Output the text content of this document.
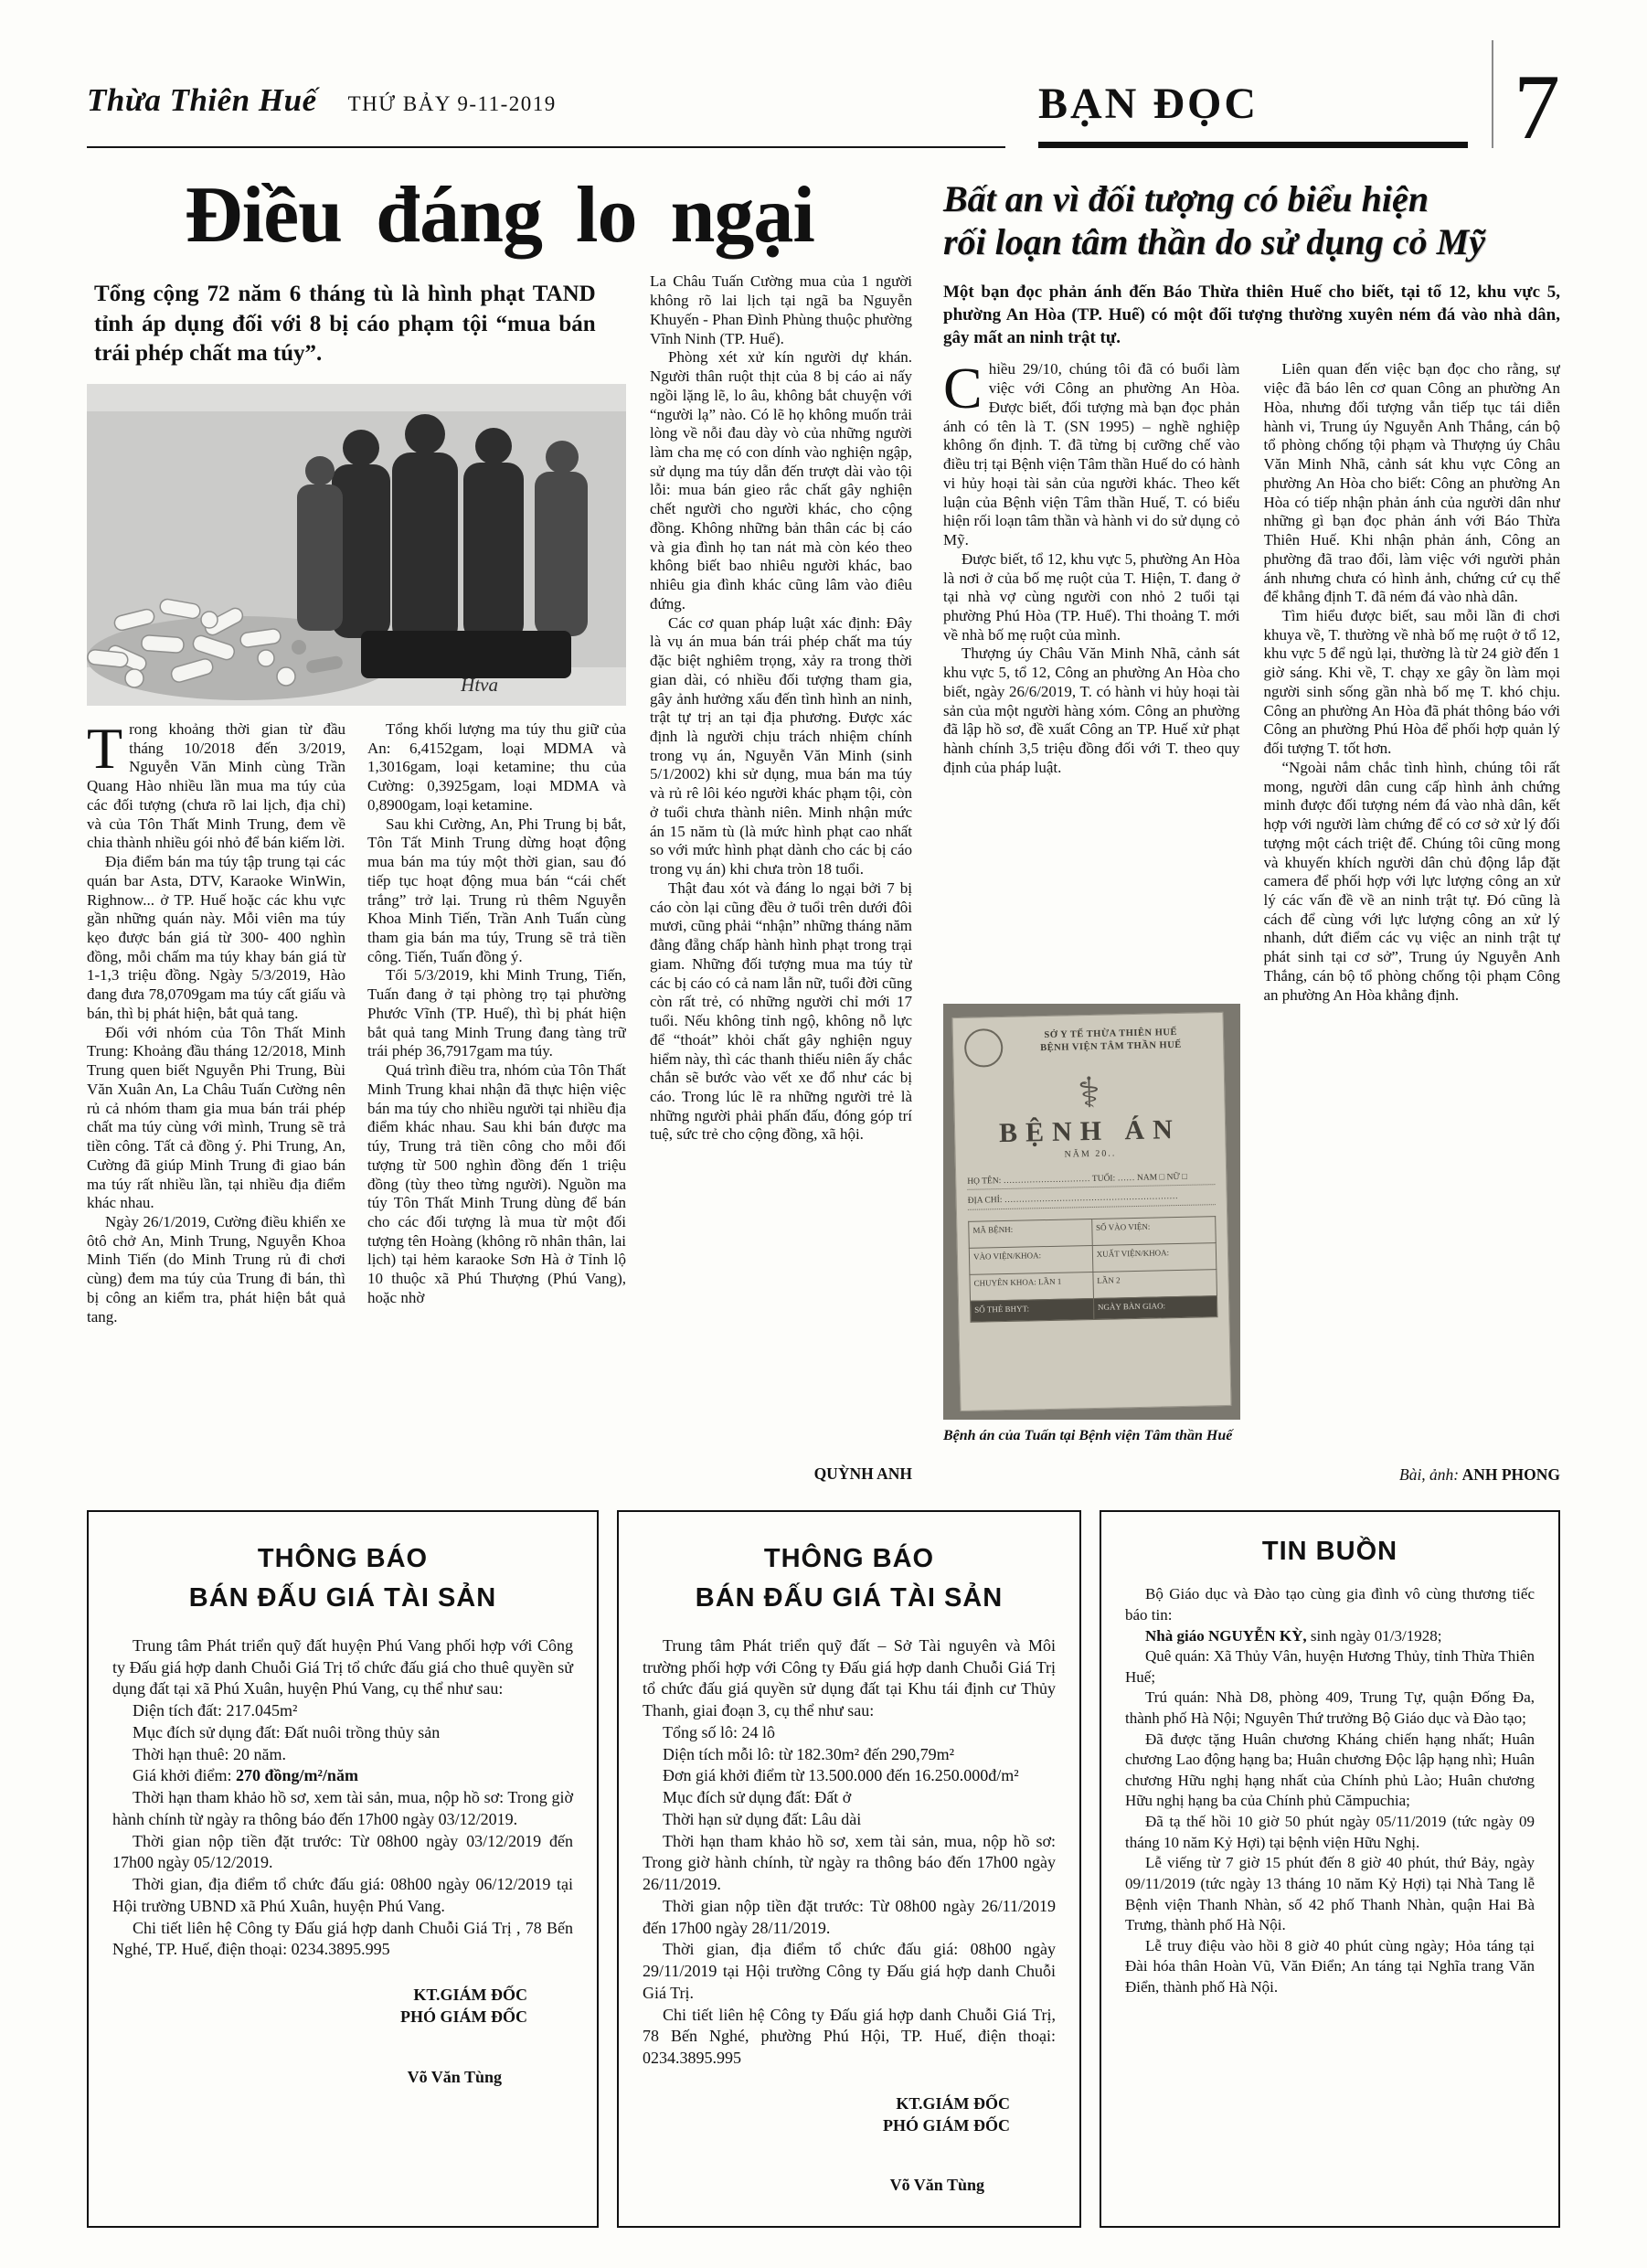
Thừa Thiên Huế THỨ BẢY 9-11-2019	BẠN ĐỌC	7
Điều đáng lo ngại

Tổng cộng 72 năm 6 tháng tù là hình phạt TAND tỉnh áp dụng đối với 8 bị cáo phạm tội “mua bán trái phép chất ma túy”.

Htva

Trong khoảng thời gian từ đầu tháng 10/2018 đến 3/2019, Nguyễn Văn Minh cùng Trần Quang Hào nhiều lần mua ma túy của các đối tượng (chưa rõ lai lịch, địa chỉ) và của Tôn Thất Minh Trung, đem về chia thành nhiều gói nhỏ để bán kiếm lời.

Địa điểm bán ma túy tập trung tại các quán bar Asta, DTV, Karaoke WinWin, Righnow... ở TP. Huế hoặc các khu vực gần những quán này. Mỗi viên ma túy kẹo được bán giá từ 300- 400 nghìn đồng, mỗi chấm ma túy khay bán giá từ 1-1,3 triệu đồng. Ngày 5/3/2019, Hào đang đưa 78,0709gam ma túy cất giấu và bán, thì bị phát hiện, bắt quả tang.

Đối với nhóm của Tôn Thất Minh Trung: Khoảng đầu tháng 12/2018, Minh Trung quen biết Nguyễn Phi Trung, Bùi Văn Xuân An, La Châu Tuấn Cường nên rủ cả nhóm tham gia mua bán trái phép chất ma túy cùng với mình, Trung sẽ trả tiền công. Tất cả đồng ý. Phi Trung, An, Cường đã giúp Minh Trung đi giao bán ma túy rất nhiều lần, tại nhiều địa điểm khác nhau.

Ngày 26/1/2019, Cường điều khiển xe ôtô chở An, Minh Trung, Nguyễn Khoa Minh Tiến (do Minh Trung rủ đi chơi cùng) đem ma túy của Trung đi bán, thì bị công an kiểm tra, phát hiện bắt quả tang.

Tổng khối lượng ma túy thu giữ của An: 6,4152gam, loại MDMA và 1,3016gam, loại ketamine; thu của Cường: 0,3925gam, loại MDMA và 0,8900gam, loại ketamine.

Sau khi Cường, An, Phi Trung bị bắt, Tôn Tất Minh Trung dừng hoạt động mua bán ma túy một thời gian, sau đó tiếp tục hoạt động mua bán “cái chết trắng” trở lại. Trung rủ thêm Nguyễn Khoa Minh Tiến, Trần Anh Tuấn cùng tham gia bán ma túy, Trung sẽ trả tiền công. Tiến, Tuấn đồng ý.

Tối 5/3/2019, khi Minh Trung, Tiến, Tuấn đang ở tại phòng trọ tại phường Phước Vĩnh (TP. Huế), thì bị phát hiện bắt quả tang Minh Trung đang tàng trữ trái phép 36,7917gam ma túy.

Quá trình điều tra, nhóm của Tôn Thất Minh Trung khai nhận đã thực hiện việc bán ma túy cho nhiều người tại nhiều địa điểm khác nhau. Sau khi bán được ma túy, Trung trả tiền công cho mỗi đối tượng từ 500 nghìn đồng đến 1 triệu đồng (tùy theo từng người). Nguồn ma túy Tôn Thất Minh Trung dùng để bán cho các đối tượng là mua từ một đối tượng tên Hoàng (không rõ nhân thân, lai lịch) tại hẻm karaoke Sơn Hà ở Tỉnh lộ 10 thuộc xã Phú Thượng (Phú Vang), hoặc nhờ

La Châu Tuấn Cường mua của 1 người không rõ lai lịch tại ngã ba Nguyễn Khuyến - Phan Đình Phùng thuộc phường Vĩnh Ninh (TP. Huế).

Phòng xét xử kín người dự khán. Người thân ruột thịt của 8 bị cáo ai nấy ngồi lặng lẽ, lo âu, không bắt chuyện với “người lạ” nào. Có lẽ họ không muốn trải lòng về nỗi đau dày vò của những người làm cha mẹ có con dính vào nghiện ngập, sử dụng ma túy dẫn đến trượt dài vào tội lỗi: mua bán gieo rắc chất gây nghiện chết người cho người khác, cho cộng đồng. Không những bản thân các bị cáo và gia đình họ tan nát mà còn kéo theo không biết bao nhiêu người khác, bao nhiêu gia đình khác cũng lâm vào điêu đứng.

Các cơ quan pháp luật xác định: Đây là vụ án mua bán trái phép chất ma túy đặc biệt nghiêm trọng, xảy ra trong thời gian dài, có nhiều đối tượng tham gia, gây ảnh hưởng xấu đến tình hình an ninh, trật tự trị an tại địa phương. Được xác định là người chịu trách nhiệm chính trong vụ án, Nguyễn Văn Minh (sinh 5/1/2002) khi sử dụng, mua bán ma túy và rủ rê lôi kéo người khác phạm tội, còn ở tuổi chưa thành niên. Minh nhận mức án 15 năm tù (là mức hình phạt cao nhất so với mức hình phạt dành cho các bị cáo trong vụ án) khi chưa tròn 18 tuổi.

Thật đau xót và đáng lo ngại bởi 7 bị cáo còn lại cũng đều ở tuổi trên dưới đôi mươi, cũng phải “nhận” những tháng năm đằng đẵng chấp hành hình phạt trong trại giam. Những đối tượng mua ma túy từ các bị cáo có cả nam lẫn nữ, tuổi đời cũng còn rất trẻ, có những người chỉ mới 17 tuổi. Nếu không tỉnh ngộ, không nỗ lực để “thoát” khỏi chất gây nghiện nguy hiểm này, thì các thanh thiếu niên ấy chắc chắn sẽ bước vào vết xe đổ như các bị cáo. Trong lúc lẽ ra những người trẻ là những người phải phấn đấu, đóng góp trí tuệ, sức trẻ cho cộng đồng, xã hội.

QUỲNH ANH

Bất an vì đối tượng có biểu hiện
rối loạn tâm thần do sử dụng cỏ Mỹ

Một bạn đọc phản ánh đến Báo Thừa thiên Huế cho biết, tại tổ 12, khu vực 5, phường An Hòa (TP. Huế) có một đối tượng thường xuyên ném đá vào nhà dân, gây mất an ninh trật tự.

Chiều 29/10, chúng tôi đã có buổi làm việc với Công an phường An Hòa. Được biết, đối tượng mà bạn đọc phản ánh có tên là T. (SN 1995) – nghề nghiệp không ổn định. T. đã từng bị cưỡng chế vào điều trị tại Bệnh viện Tâm thần Huế do có hành vi hủy hoại tài sản của người khác. Theo kết luận của Bệnh viện Tâm thần Huế, T. có biểu hiện rối loạn tâm thần và hành vi do sử dụng cỏ Mỹ.

Được biết, tổ 12, khu vực 5, phường An Hòa là nơi ở của bố mẹ ruột của T. Hiện, T. đang ở tại nhà vợ cùng người con nhỏ 2 tuổi tại phường Phú Hòa (TP. Huế). Thi thoảng T. mới về nhà bố mẹ ruột của mình.

Thượng úy Châu Văn Minh Nhã, cảnh sát khu vực 5, tổ 12, Công an phường An Hòa cho biết, ngày 26/6/2019, T. có hành vi hủy hoại tài sản của một người hàng xóm. Công an phường đã lập hồ sơ, đề xuất Công an TP. Huế xử phạt hành chính 3,5 triệu đồng đối với T. theo quy định của pháp luật.

SỞ Y TẾ THỪA THIÊN HUẾ
BỆNH VIỆN TÂM THẦN HUẾ
⚕
BỆNH ÁN
NĂM 20..

HỌ TÊN: ………………………… TUỔI: …… NAM □ NỮ □

ĐỊA CHỈ: ……………………………………………………

MÃ BỆNH:	SỐ VÀO VIỆN:
VÀO VIỆN/KHOA:	XUẤT VIỆN/KHOA:
CHUYÊN KHOA: LẦN 1	LẦN 2
SỐ THẺ BHYT:	NGÀY BÀN GIAO:
Bệnh án của Tuấn tại Bệnh viện Tâm thần Huế

Liên quan đến việc bạn đọc cho rằng, sự việc đã báo lên cơ quan Công an phường An Hòa, nhưng đối tượng vẫn tiếp tục tái diễn hành vi, Trung úy Nguyễn Anh Thắng, cán bộ tổ phòng chống tội phạm và Thượng úy Châu Văn Minh Nhã, cảnh sát khu vực Công an phường An Hòa cho biết: Công an phường An Hòa có tiếp nhận phản ánh của người dân như những gì bạn đọc phản ánh với Báo Thừa Thiên Huế. Khi nhận phản ánh, Công an phường đã trao đổi, làm việc với người phản ánh nhưng chưa có hình ảnh, chứng cứ cụ thể để khẳng định T. đã ném đá vào nhà dân.

Tìm hiểu được biết, sau mỗi lần đi chơi khuya về, T. thường về nhà bố mẹ ruột ở tổ 12, khu vực 5 để ngủ lại, thường là từ 24 giờ đến 1 giờ sáng. Khi về, T. chạy xe gây ồn làm mọi người sinh sống gần nhà bố mẹ T. khó chịu. Công an phường An Hòa đã phát thông báo với Công an phường Phú Hòa để phối hợp quản lý đối tượng T. tốt hơn.

“Ngoài nắm chắc tình hình, chúng tôi rất mong, người dân cung cấp hình ảnh chứng minh được đối tượng ném đá vào nhà dân, kết hợp với người làm chứng để có cơ sở xử lý đối tượng một cách triệt để. Chúng tôi cũng mong và khuyến khích người dân chủ động lắp đặt camera để phối hợp với lực lượng công an xử lý các vấn đề về an ninh trật tự. Đó cũng là cách để cùng với lực lượng công an xử lý nhanh, dứt điểm các vụ việc an ninh trật tự phát sinh tại cơ sở”, Trung úy Nguyễn Anh Thắng, cán bộ tổ phòng chống tội phạm Công an phường An Hòa khẳng định.

Bài, ảnh: ANH PHONG

THÔNG BÁO
BÁN ĐẤU GIÁ TÀI SẢN

Trung tâm Phát triển quỹ đất huyện Phú Vang phối hợp với Công ty Đấu giá hợp danh Chuỗi Giá Trị tổ chức đấu giá cho thuê quyền sử dụng đất tại xã Phú Xuân, huyện Phú Vang, cụ thể như sau:

Diện tích đất: 217.045m²

Mục đích sử dụng đất: Đất nuôi trồng thủy sản

Thời hạn thuê: 20 năm.

Giá khởi điểm: 270 đồng/m²/năm

Thời hạn tham khảo hồ sơ, xem tài sản, mua, nộp hồ sơ: Trong giờ hành chính từ ngày ra thông báo đến 17h00 ngày 03/12/2019.

Thời gian nộp tiền đặt trước: Từ 08h00 ngày 03/12/2019 đến 17h00 ngày 05/12/2019.

Thời gian, địa điểm tổ chức đấu giá: 08h00 ngày 06/12/2019 tại Hội trường UBND xã Phú Xuân, huyện Phú Vang.

Chi tiết liên hệ Công ty Đấu giá hợp danh Chuỗi Giá Trị , 78 Bến Nghé, TP. Huế, điện thoại: 0234.3895.995

KT.GIÁM ĐỐC

PHÓ GIÁM ĐỐC

Võ Văn Tùng

THÔNG BÁO
BÁN ĐẤU GIÁ TÀI SẢN

Trung tâm Phát triển quỹ đất – Sở Tài nguyên và Môi trường phối hợp với Công ty Đấu giá hợp danh Chuỗi Giá Trị tổ chức đấu giá quyền sử dụng đất tại Khu tái định cư Thủy Thanh, giai đoạn 3, cụ thể như sau:

Tổng số lô: 24 lô

Diện tích mỗi lô: từ 182.30m² đến 290,79m²

Đơn giá khởi điểm từ 13.500.000 đến 16.250.000đ/m²

Mục đích sử dụng đất: Đất ở

Thời hạn sử dụng đất: Lâu dài

Thời hạn tham khảo hồ sơ, xem tài sản, mua, nộp hồ sơ: Trong giờ hành chính, từ ngày ra thông báo đến 17h00 ngày 26/11/2019.

Thời gian nộp tiền đặt trước: Từ 08h00 ngày 26/11/2019 đến 17h00 ngày 28/11/2019.

Thời gian, địa điểm tổ chức đấu giá: 08h00 ngày 29/11/2019 tại Hội trường Công ty Đấu giá hợp danh Chuỗi Giá Trị.

Chi tiết liên hệ Công ty Đấu giá hợp danh Chuỗi Giá Trị, 78 Bến Nghé, phường Phú Hội, TP. Huế, điện thoại: 0234.3895.995

KT.GIÁM ĐỐC

PHÓ GIÁM ĐỐC

Võ Văn Tùng

TIN BUỒN

Bộ Giáo dục và Đào tạo cùng gia đình vô cùng thương tiếc báo tin:

Nhà giáo NGUYỄN KỲ, sinh ngày 01/3/1928;

Quê quán: Xã Thủy Vân, huyện Hương Thủy, tỉnh Thừa Thiên Huế;

Trú quán: Nhà D8, phòng 409, Trung Tự, quận Đống Đa, thành phố Hà Nội; Nguyên Thứ trưởng Bộ Giáo dục và Đào tạo;

Đã được tặng Huân chương Kháng chiến hạng nhất; Huân chương Lao động hạng ba; Huân chương Độc lập hạng nhì; Huân chương Hữu nghị hạng nhất của Chính phủ Lào; Huân chương Hữu nghị hạng ba của Chính phủ Cămpuchia;

Đã tạ thế hồi 10 giờ 50 phút ngày 05/11/2019 (tức ngày 09 tháng 10 năm Kỷ Hợi) tại bệnh viện Hữu Nghị.

Lễ viếng từ 7 giờ 15 phút đến 8 giờ 40 phút, thứ Bảy, ngày 09/11/2019 (tức ngày 13 tháng 10 năm Kỷ Hợi) tại Nhà Tang lễ Bệnh viện Thanh Nhàn, số 42 phố Thanh Nhàn, quận Hai Bà Trưng, thành phố Hà Nội.

Lễ truy điệu vào hồi 8 giờ 40 phút cùng ngày; Hỏa táng tại Đài hóa thân Hoàn Vũ, Văn Điển; An táng tại Nghĩa trang Văn Điển, thành phố Hà Nội.
